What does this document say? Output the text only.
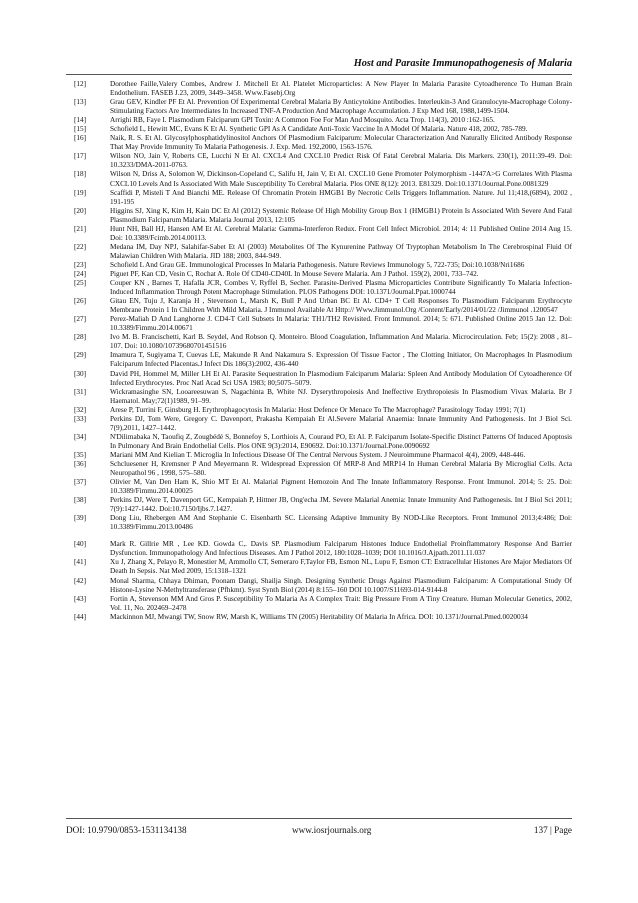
Host and Parasite Immunopathogenesis of Malaria
[12]	Dorothee Faille,Valery Combes, Andrew J. Mitchell Et Al. Platelet Microparticles: A New Player In Malaria Parasite Cytoadherence To Human Brain Endothelium. FASEB J.23, 2009, 3449–3458. Www.Fasebj.Org
[13]	Grau GEV, Kindler PF Et Al. Prevention Of Experimental Cerebral Malaria By Anticytokine Antibodies. Interleukin-3 And Granulocyte-Macrophage Colony-Stimulating Factors Are Intermediates In Increased TNF-A Production And Macrophage Accumulation. J Exp Med 168, 1988,1499-1504.
[14]	Arrighi RB, Faye I. Plasmodium Falciparum GPI Toxin: A Common Foe For Man And Mosquito. Acta Trop. 114(3), 2010 :162-165.
[15]	Schofield L, Hewitt MC, Evans K Et Al. Synthetic GPI As A Candidate Anti-Toxic Vaccine In A Model Of Malaria. Nature 418, 2002, 785-789.
[16]	Naik, R. S. Et Al. Glycosylphosphatidylinositol Anchors Of Plasmodium Falciparum: Molecular Characterization And Naturally Elicited Antibody Response That May Provide Immunity To Malaria Pathogenesis. J. Exp. Med. 192,2000, 1563-1576.
[17]	Wilson NO, Jain V, Roberts CE, Lucchi N Et Al. CXCL4 And CXCL10 Predict Risk Of Fatal Cerebral Malaria. Dis Markers. 230(1), 2011:39-49. Doi: 10.3233/DMA-2011-0763.
[18]	Wilson N, Driss A, Solomon W, Dickinson-Copeland C, Salifu H, Jain V, Et Al. CXCL10 Gene Promoter Polymorphism -1447A>G Correlates With Plasma CXCL10 Levels And Is Associated With Male Susceptibility To Cerebral Malaria. Plos ONE 8(12): 2013. E81329. Doi:10.1371/Journal.Pone.0081329
[19]	Scaffidi P, Misteli T And Bianchi ME. Release Of Chromatin Protein HMGB1 By Necrotic Cells Triggers Inflammation. Nature. Jul 11;418,(6894), 2002 , 191-195
[20]	Higgins SJ, Xing K, Kim H, Kain DC Et Al (2012) Systemic Release Of High Mobility Group Box 1 (HMGB1) Protein Is Associated With Severe And Fatal Plasmodium Falciparum Malaria. Malaria Journal 2013, 12:105
[21]	Hunt NH, Ball HJ, Hansen AM Et Al. Cerebral Malaria: Gamma-Interferon Redux. Front Cell Infect Microbiol. 2014; 4: 11 Published Online 2014 Aug 15. Doi: 10.3389/Fcimb.2014.00113.
[22]	Medana IM, Day NPJ, Salahifar-Sabet Et Al (2003) Metabolites Of The Kynurenine Pathway Of Tryptophan Metabolism In The Cerebrospinal Fluid Of Malawian Children With Malaria. JID 188; 2003, 844-949.
[23]	Schofield L And Grau GE. Immunological Processes In Malaria Pathogenesis. Nature Reviews Immunology 5, 722-735; Doi:10.1038/Nri1686
[24]	Piguet PF, Kan CD, Vesin C, Rochat A. Role Of CD40-CD40L In Mouse Severe Malaria. Am J Pathol. 159(2), 2001, 733–742.
[25]	Couper KN , Barnes T, Hafalla JCR, Combes V, Ryffel B, Secher. Parasite-Derived Plasma Microparticles Contribute Significantly To Malaria Infection-Induced Inflammation Through Potent Macrophage Stimulation. PLOS Pathogens DOI: 10.1371/Journal.Ppat.1000744
[26]	Gitau EN, Tuju J, Karanja H , Stevenson L, Marsh K, Bull P And Urban BC Et Al. CD4+ T Cell Responses To Plasmodium Falciparum Erythrocyte Membrane Protein 1 In Children With Mild Malaria. J Immunol Available At Http:// Www.Jimmunol.Org /Content/Early/2014/01/22 /Jimmunol .1200547
[27]	Perez-Maliah D And Langhorne J. CD4-T Cell Subsets In Malaria: TH1/TH2 Revisited. Front Immunol. 2014; 5: 671. Published Online 2015 Jan 12. Doi: 10.3389/Fimmu.2014.00671
[28]	Ivo M. B. Francischetti, Karl B. Seydel, And Robson Q. Monteiro. Blood Coagulation, Inflammation And Malaria. Microcirculation. Feb; 15(2): 2008 , 81–107. Doi: 10.1080/10739680701451516
[29]	Imamura T, Sugiyama T, Cuevas LE, Makunde R And Nakamura S. Expression Of Tissue Factor , The Clotting Initiator, On Macrophages In Plasmodium Falciparum Infected Placentas.J Infect Dis 186(3):2002, 436-440
[30]	David PH, Hommel M, Miller LH Et Al. Parasite Sequestration In Plasmodium Falciparum Malaria: Spleen And Antibody Modulation Of Cytoadherence Of Infected Erythrocytes. Proc Natl Acad Sci USA 1983; 80;5075–5079.
[31]	Wickramasinghe SN, Looareesuwan S, Nagachinta B, White NJ. Dyserythropoiesis And Ineffective Erythropoiesis In Plasmodium Vivax Malaria. Br J Haematol. May;72(1)1989, 91–99.
[32]	Arese P, Turrini F, Ginsburg H. Erythrophagocytosis In Malaria: Host Defence Or Menace To The Macrophage? Parasitology Today 1991; 7(1)
[33]	Perkins DJ, Tom Were, Gregory C. Davenport, Prakasha Kempaiah Et Al.Severe Malarial Anaemia: Innate Immunity And Pathogenesis. Int J Biol Sci. 7(9),2011, 1427–1442.
[34]	N'Dilimabaka N, Taoufiq Z, Zougbédé S, Bonnefoy S, Lorthiois A, Couraud PO, Et Al. P. Falciparum Isolate-Specific Distinct Patterns Of Induced Apoptosis In Pulmonary And Brain Endothelial Cells. Plos ONE 9(3):2014, E90692. Doi:10.1371/Journal.Pone.0090692
[35]	Mariani MM And Kielian T. Microglia In Infectious Disease Of The Central Nervous System. J Neuroimmune Pharmacol 4(4), 2009, 448-446.
[36]	Schcluesener H, Kremsner P And Meyermann R. Widespread Expression Of MRP-8 And MRP14 In Human Cerebral Malaria By Microglial Cells. Acta Neuropathol 96 , 1998, 575–580.
[37]	Olivier M, Van Den Ham K, Shio MT Et Al. Malarial Pigment Hemozoin And The Innate Inflammatory Response. Front Immunol. 2014; 5: 25. Doi: 10.3389/Fimmu.2014.00025
[38]	Perkins DJ, Were T, Davenport GC, Kempaiah P, Hittner JB, Ong'echa JM. Severe Malarial Anemia: Innate Immunity And Pathogenesis. Int J Biol Sci 2011; 7(9):1427-1442. Doi:10.7150/Ijbs.7.1427.
[39]	Dong Liu, Rhebergen AM And Stephanie C. Eisenbarth SC. Licensing Adaptive Immunity By NOD-Like Receptors. Front Immunol 2013;4:486; Doi: 10.3389/Fimmu.2013.00486
[40]	Mark R. Gillrie MR , Lee KD. Gowda C,. Davis SP. Plasmodium Falciparum Histones Induce Endothelial Proinflammatory Response And Barrier Dysfunction. Immunopathology And Infectious Diseases. Am J Pathol 2012, 180:1028–1039; DOI 10.1016/J.Ajpath.2011.11.037
[41]	Xu J, Zhang X, Pelayo R, Monestier M, Ammollo CT, Semeraro F,Taylor FB, Esmon NL, Lupu F, Esmon CT: Extracellular Histones Are Major Mediators Of Death In Sepsis. Nat Med 2009, 15:1318–1321
[42]	Monal Sharma, Chhaya Dhiman, Poonam Dangi, Shailja Singh. Designing Synthetic Drugs Against Plasmodium Falciparum: A Computational Study Of Histone-Lysine N-Methyltransferase (Pfhkmt). Syst Synth Biol (2014) 8:155–160 DOI 10.1007/S11693-014-9144-8
[43]	Fortin A, Stevenson MM And Gros P. Susceptibility To Malaria As A Complex Trait: Big Pressure From A Tiny Creature. Human Molecular Genetics, 2002, Vol. 11, No. 202469–2478
[44]	Mackinnon MJ, Mwangi TW, Snow RW, Marsh K, Williams TN (2005) Heritability Of Malaria In Africa. DOI: 10.1371/Journal.Pmed.0020034
DOI: 10.9790/0853-1531134138	www.iosrjournals.org	137 | Page
